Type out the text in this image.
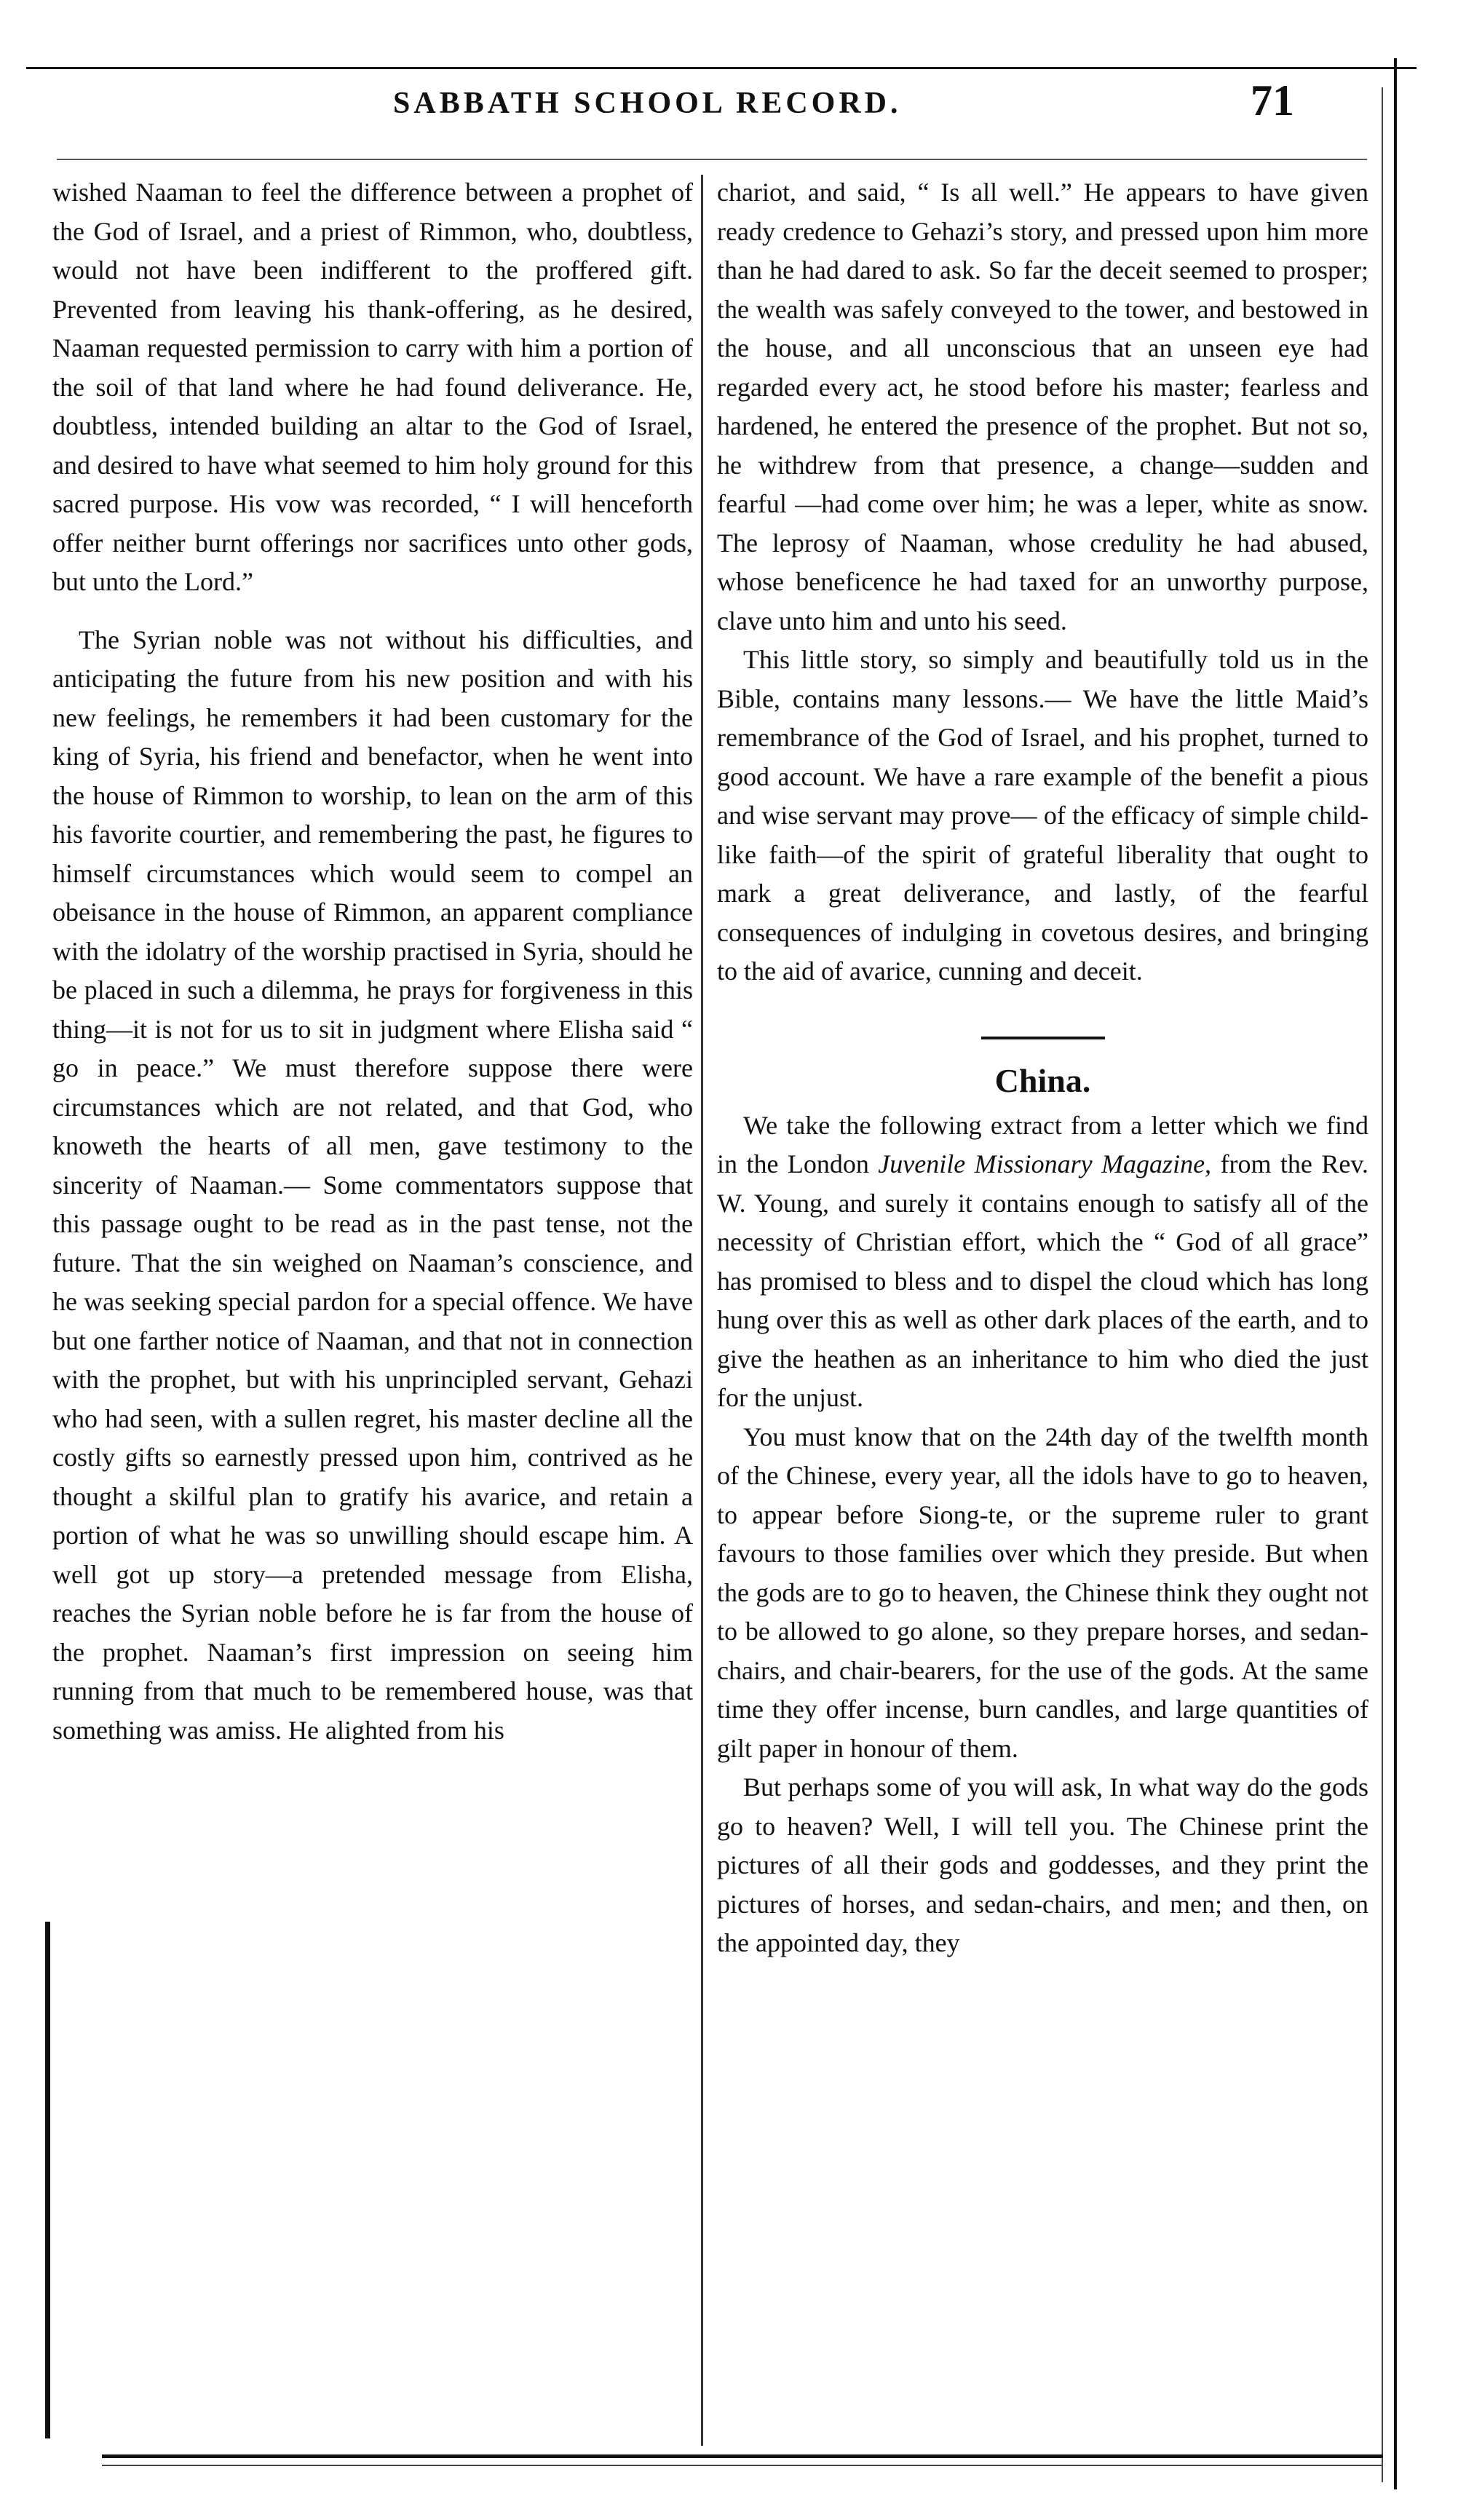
SABBATH SCHOOL RECORD.	71

wished Naaman to feel the difference between a prophet of the God of Israel, and a priest of Rimmon, who, doubtless, would not have been indifferent to the proffered gift. Prevented from leaving his thank-offering, as he desired, Naaman requested permission to carry with him a portion of the soil of that land where he had found deliverance. He, doubtless, intended building an altar to the God of Israel, and desired to have what seemed to him holy ground for this sacred purpose. His vow was recorded, “ I will henceforth offer neither burnt offerings nor sacrifices unto other gods, but unto the Lord.”

The Syrian noble was not without his difficulties, and anticipating the future from his new position and with his new feelings, he remembers it had been customary for the king of Syria, his friend and benefactor, when he went into the house of Rimmon to worship, to lean on the arm of this his favorite courtier, and remembering the past, he figures to himself circumstances which would seem to compel an obeisance in the house of Rimmon, an apparent compliance with the idolatry of the worship practised in Syria, should he be placed in such a dilemma, he prays for forgiveness in this thing—it is not for us to sit in judgment where Elisha said “ go in peace.” We must therefore suppose there were circumstances which are not related, and that God, who knoweth the hearts of all men, gave testimony to the sincerity of Naaman.— Some commentators suppose that this passage ought to be read as in the past tense, not the future. That the sin weighed on Naaman’s conscience, and he was seeking special pardon for a special offence. We have but one farther notice of Naaman, and that not in connection with the prophet, but with his unprincipled servant, Gehazi who had seen, with a sullen regret, his master decline all the costly gifts so earnestly pressed upon him, contrived as he thought a skilful plan to gratify his avarice, and retain a portion of what he was so unwilling should escape him. A well got up story—a pretended message from Elisha, reaches the Syrian noble before he is far from the house of the prophet. Naaman’s first impression on seeing him running from that much to be remembered house, was that something was amiss. He alighted from his

chariot, and said, “ Is all well.” He appears to have given ready credence to Gehazi’s story, and pressed upon him more than he had dared to ask. So far the deceit seemed to prosper; the wealth was safely conveyed to the tower, and bestowed in the house, and all unconscious that an unseen eye had regarded every act, he stood before his master; fearless and hardened, he entered the presence of the prophet. But not so, he withdrew from that presence, a change—sudden and fearful —had come over him; he was a leper, white as snow. The leprosy of Naaman, whose credulity he had abused, whose beneficence he had taxed for an unworthy purpose, clave unto him and unto his seed.

This little story, so simply and beautifully told us in the Bible, contains many lessons.— We have the little Maid’s remembrance of the God of Israel, and his prophet, turned to good account. We have a rare example of the benefit a pious and wise servant may prove— of the efficacy of simple child-like faith—of the spirit of grateful liberality that ought to mark a great deliverance, and lastly, of the fearful consequences of indulging in covetous desires, and bringing to the aid of avarice, cunning and deceit.

China.

We take the following extract from a letter which we find in the London Juvenile Missionary Magazine, from the Rev. W. Young, and surely it contains enough to satisfy all of the necessity of Christian effort, which the “ God of all grace” has promised to bless and to dispel the cloud which has long hung over this as well as other dark places of the earth, and to give the heathen as an inheritance to him who died the just for the unjust.

You must know that on the 24th day of the twelfth month of the Chinese, every year, all the idols have to go to heaven, to appear before Siong-te, or the supreme ruler to grant favours to those families over which they preside. But when the gods are to go to heaven, the Chinese think they ought not to be allowed to go alone, so they prepare horses, and sedan-chairs, and chair-bearers, for the use of the gods. At the same time they offer incense, burn candles, and large quantities of gilt paper in honour of them.

But perhaps some of you will ask, In what way do the gods go to heaven? Well, I will tell you. The Chinese print the pictures of all their gods and goddesses, and they print the pictures of horses, and sedan-chairs, and men; and then, on the appointed day, they
